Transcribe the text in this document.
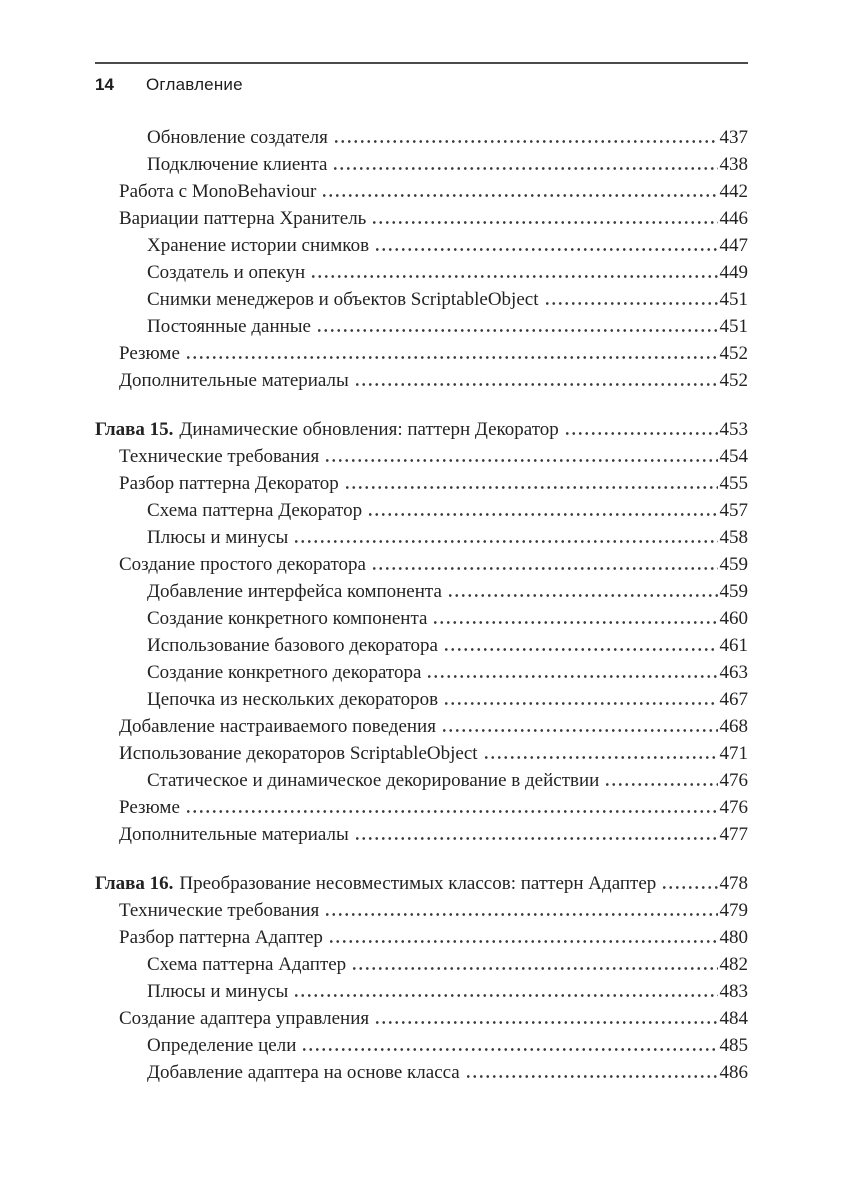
14 Оглавление
Обновление создателя	437
Подключение клиента	438
Работа с MonoBehaviour	442
Вариации паттерна Хранитель	446
Хранение истории снимков	447
Создатель и опекун	449
Снимки менеджеров и объектов ScriptableObject	451
Постоянные данные	451
Резюме	452
Дополнительные материалы	452
Глава 15. Динамические обновления: паттерн Декоратор	453
Технические требования	454
Разбор паттерна Декоратор	455
Схема паттерна Декоратор	457
Плюсы и минусы	458
Создание простого декоратора	459
Добавление интерфейса компонента	459
Создание конкретного компонента	460
Использование базового декоратора	461
Создание конкретного декоратора	463
Цепочка из нескольких декораторов	467
Добавление настраиваемого поведения	468
Использование декораторов ScriptableObject	471
Статическое и динамическое декорирование в действии	476
Резюме	476
Дополнительные материалы	477
Глава 16. Преобразование несовместимых классов: паттерн Адаптер	478
Технические требования	479
Разбор паттерна Адаптер	480
Схема паттерна Адаптер	482
Плюсы и минусы	483
Создание адаптера управления	484
Определение цели	485
Добавление адаптера на основе класса	486
